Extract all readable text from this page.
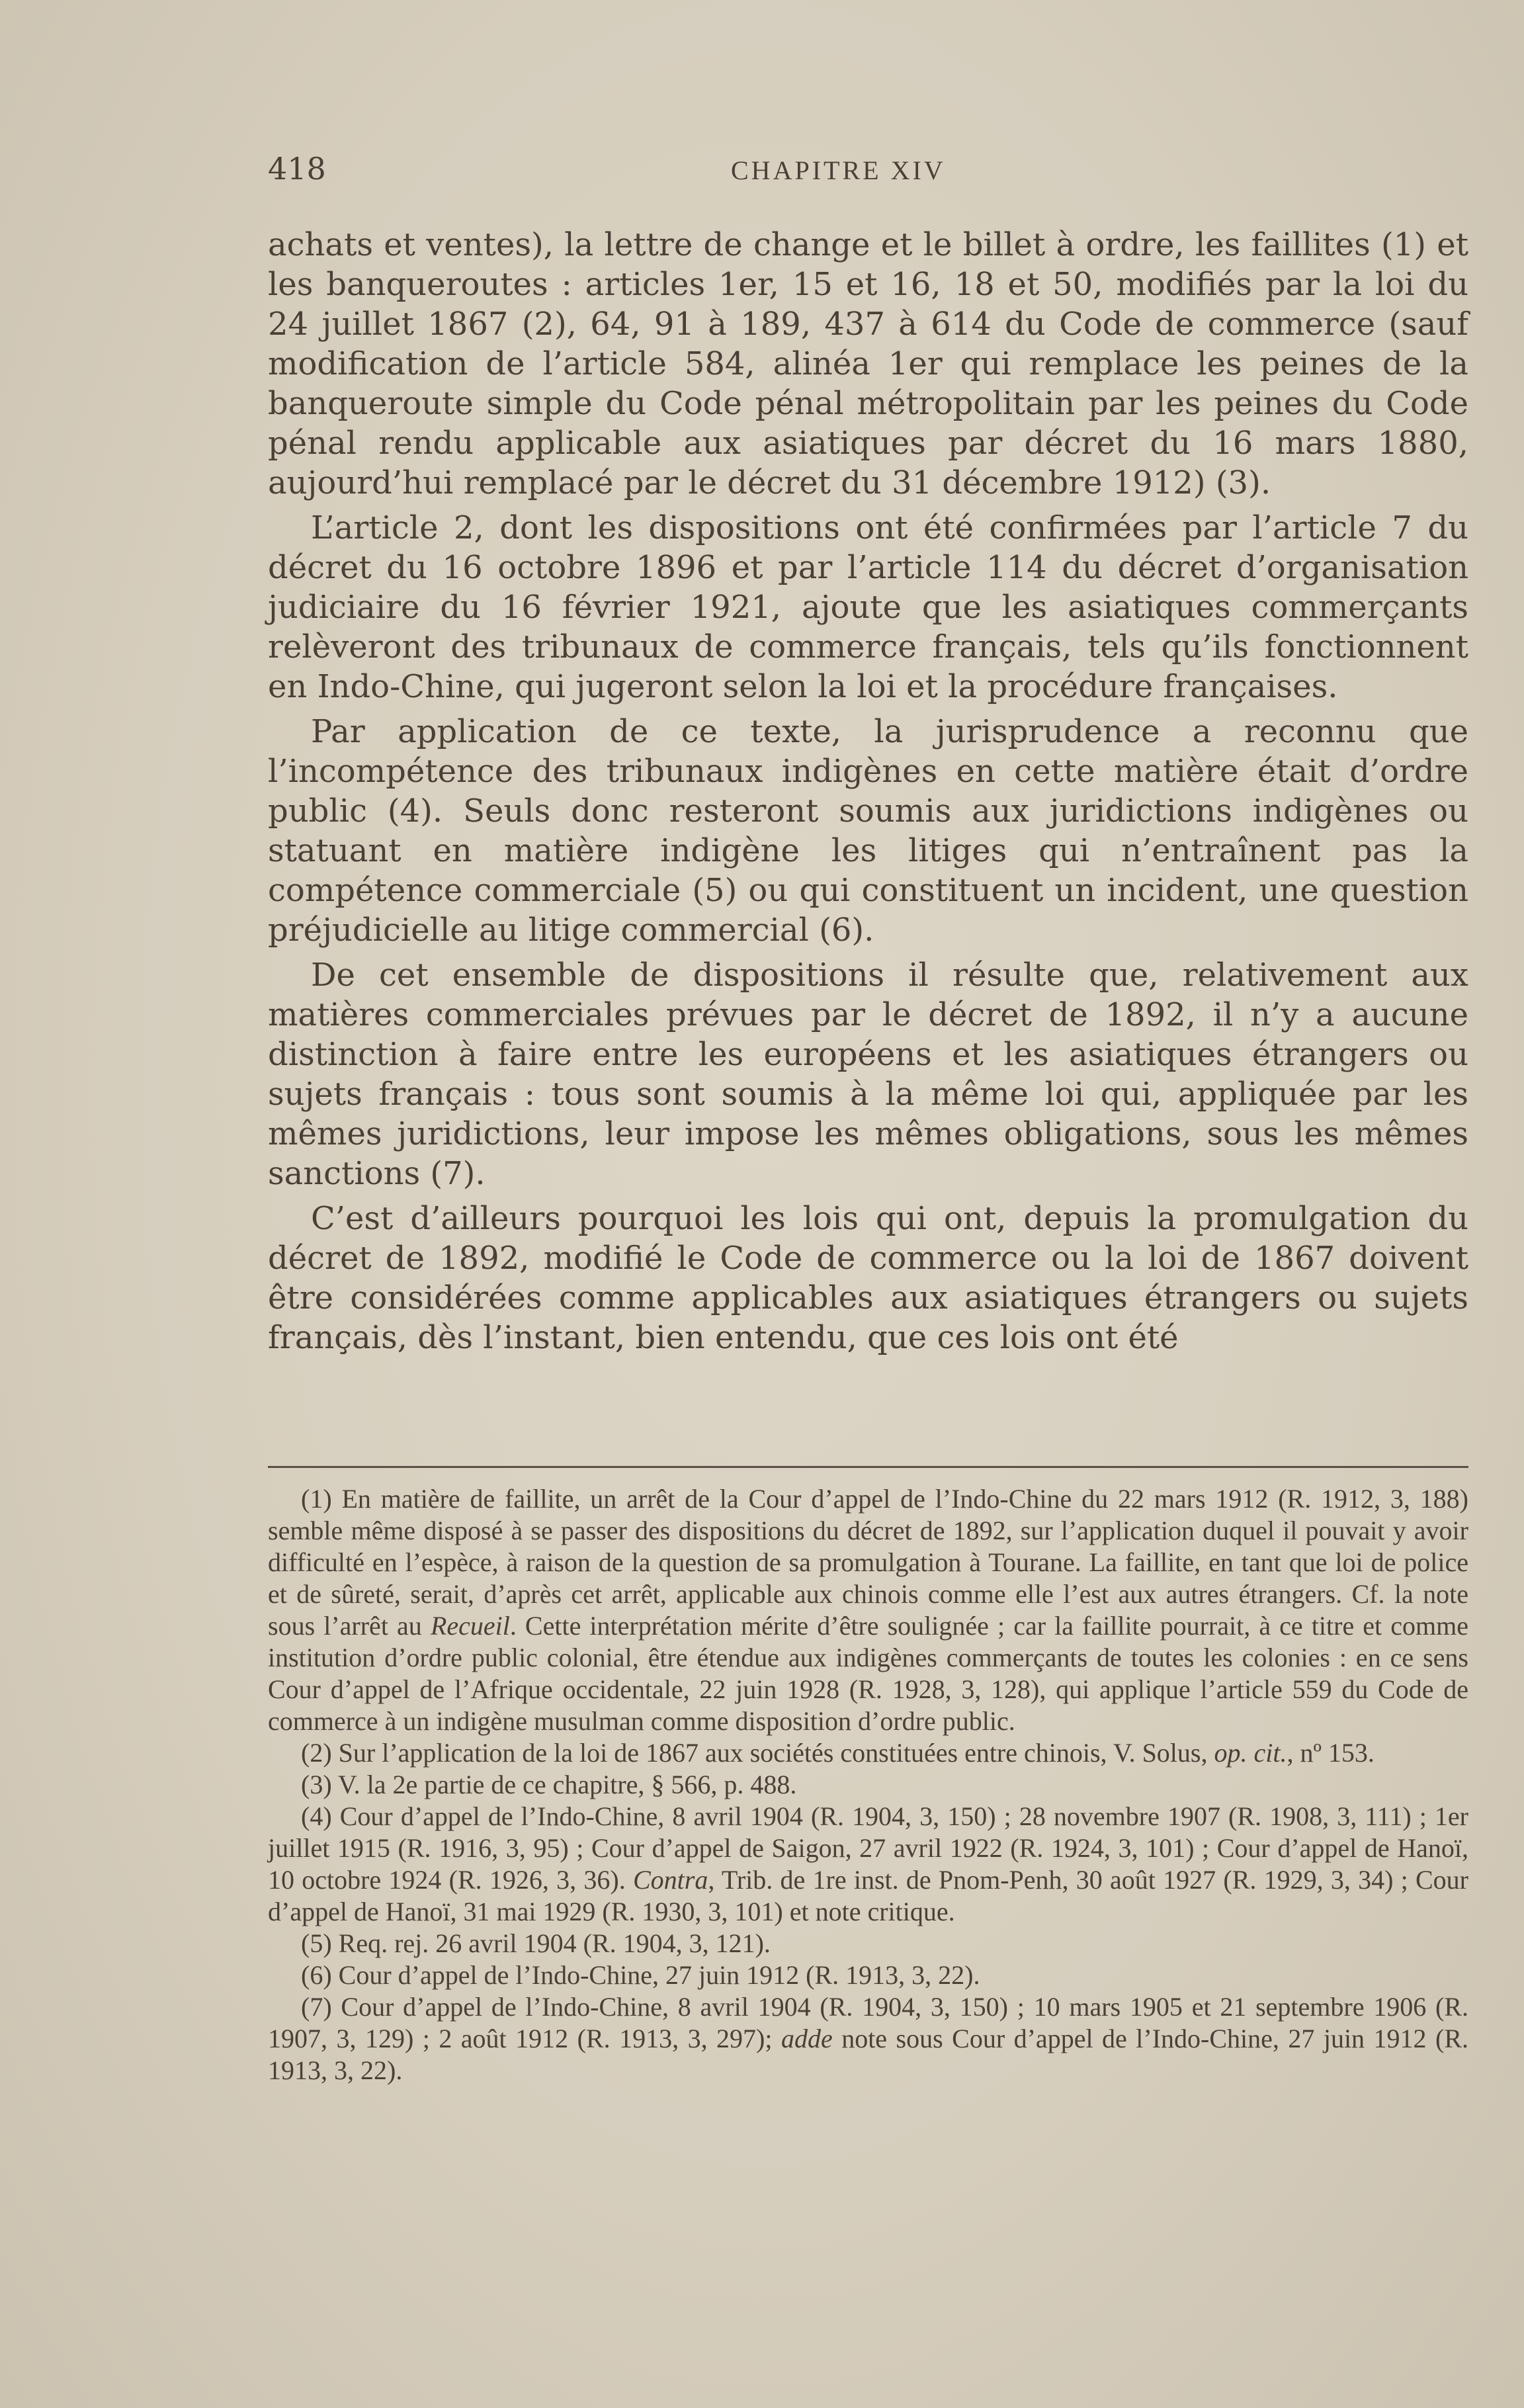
418	CHAPITRE XIV

achats et ventes), la lettre de change et le billet à ordre, les faillites (1) et les banqueroutes : articles 1er, 15 et 16, 18 et 50, modifiés par la loi du 24 juillet 1867 (2), 64, 91 à 189, 437 à 614 du Code de commerce (sauf modification de l’article 584, alinéa 1er qui remplace les peines de la banqueroute simple du Code pénal métropolitain par les peines du Code pénal rendu applicable aux asiatiques par décret du 16 mars 1880, aujourd’hui remplacé par le décret du 31 décembre 1912) (3).

L’article 2, dont les dispositions ont été confirmées par l’article 7 du décret du 16 octobre 1896 et par l’article 114 du décret d’organisation judiciaire du 16 février 1921, ajoute que les asiatiques commerçants relèveront des tribunaux de commerce français, tels qu’ils fonctionnent en Indo-Chine, qui jugeront selon la loi et la procédure françaises.

Par application de ce texte, la jurisprudence a reconnu que l’incompétence des tribunaux indigènes en cette matière était d’ordre public (4). Seuls donc resteront soumis aux juridictions indigènes ou statuant en matière indigène les litiges qui n’entraînent pas la compétence commerciale (5) ou qui constituent un incident, une question préjudicielle au litige commercial (6).

De cet ensemble de dispositions il résulte que, relativement aux matières commerciales prévues par le décret de 1892, il n’y a aucune distinction à faire entre les européens et les asiatiques étrangers ou sujets français : tous sont soumis à la même loi qui, appliquée par les mêmes juridictions, leur impose les mêmes obligations, sous les mêmes sanctions (7).

C’est d’ailleurs pourquoi les lois qui ont, depuis la promulgation du décret de 1892, modifié le Code de commerce ou la loi de 1867 doivent être considérées comme applicables aux asiatiques étrangers ou sujets français, dès l’instant, bien entendu, que ces lois ont été

(1) En matière de faillite, un arrêt de la Cour d’appel de l’Indo-Chine du 22 mars 1912 (R. 1912, 3, 188) semble même disposé à se passer des dispositions du décret de 1892, sur l’application duquel il pouvait y avoir difficulté en l’espèce, à raison de la question de sa promulgation à Tourane. La faillite, en tant que loi de police et de sûreté, serait, d’après cet arrêt, applicable aux chinois comme elle l’est aux autres étrangers. Cf. la note sous l’arrêt au Recueil. Cette interprétation mérite d’être soulignée ; car la faillite pourrait, à ce titre et comme institution d’ordre public colonial, être étendue aux indigènes commerçants de toutes les colonies : en ce sens Cour d’appel de l’Afrique occidentale, 22 juin 1928 (R. 1928, 3, 128), qui applique l’article 559 du Code de commerce à un indigène musulman comme disposition d’ordre public.

(2) Sur l’application de la loi de 1867 aux sociétés constituées entre chinois, V. Solus, op. cit., nº 153.

(3) V. la 2e partie de ce chapitre, § 566, p. 488.

(4) Cour d’appel de l’Indo-Chine, 8 avril 1904 (R. 1904, 3, 150) ; 28 novembre 1907 (R. 1908, 3, 111) ; 1er juillet 1915 (R. 1916, 3, 95) ; Cour d’appel de Saigon, 27 avril 1922 (R. 1924, 3, 101) ; Cour d’appel de Hanoï, 10 octobre 1924 (R. 1926, 3, 36). Contra, Trib. de 1re inst. de Pnom-Penh, 30 août 1927 (R. 1929, 3, 34) ; Cour d’appel de Hanoï, 31 mai 1929 (R. 1930, 3, 101) et note critique.

(5) Req. rej. 26 avril 1904 (R. 1904, 3, 121).

(6) Cour d’appel de l’Indo-Chine, 27 juin 1912 (R. 1913, 3, 22).

(7) Cour d’appel de l’Indo-Chine, 8 avril 1904 (R. 1904, 3, 150) ; 10 mars 1905 et 21 septembre 1906 (R. 1907, 3, 129) ; 2 août 1912 (R. 1913, 3, 297); adde note sous Cour d’appel de l’Indo-Chine, 27 juin 1912 (R. 1913, 3, 22).
